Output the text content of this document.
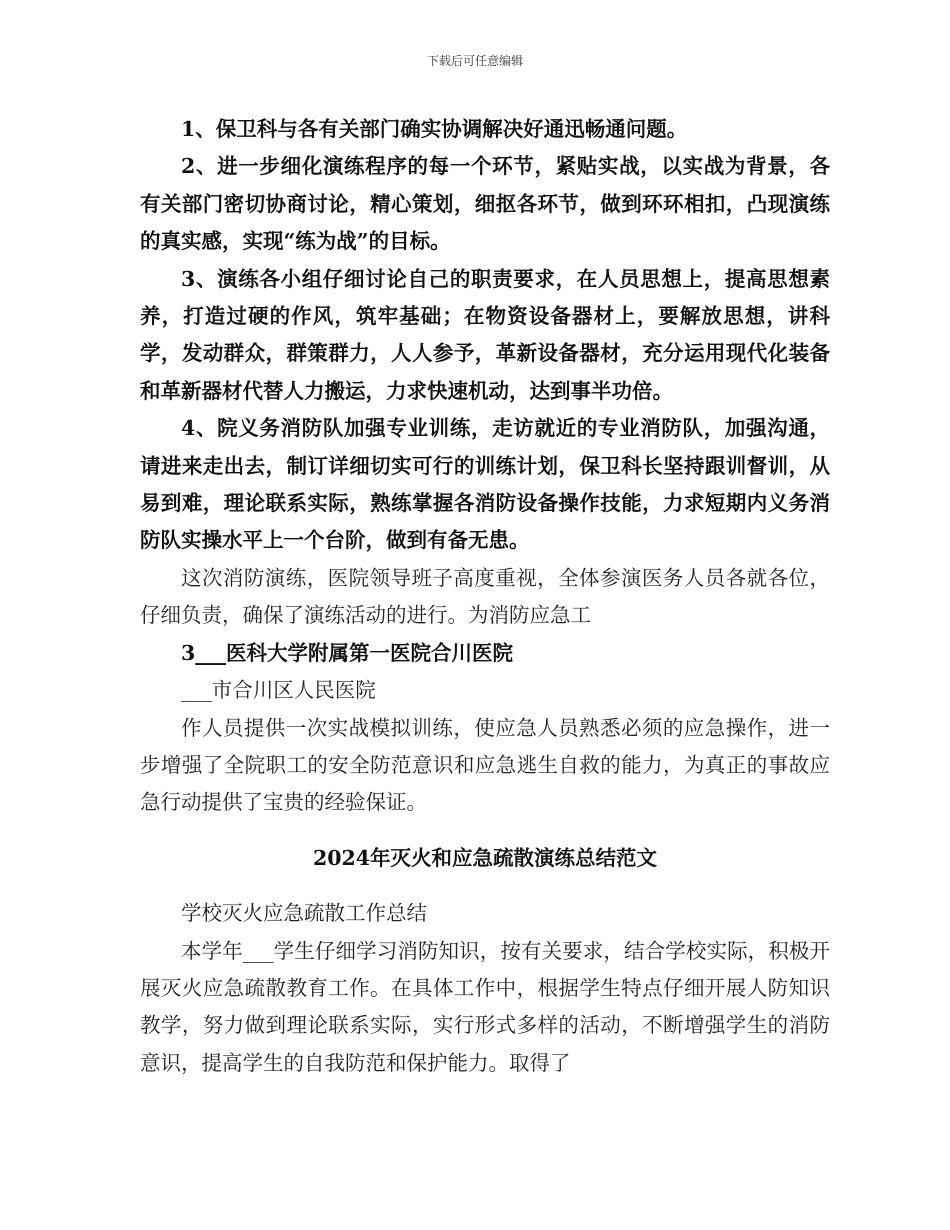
下载后可任意编辑

1、保卫科与各有关部门确实协调解决好通迅畅通问题。

2、进一步细化演练程序的每一个环节，紧贴实战，以实战为背景，各有关部门密切协商讨论，精心策划，细抠各环节，做到环环相扣，凸现演练的真实感，实现“练为战”的目标。

3、演练各小组仔细讨论自己的职责要求，在人员思想上，提高思想素养，打造过硬的作风，筑牢基础；在物资设备器材上，要解放思想，讲科学，发动群众，群策群力，人人参予，革新设备器材，充分运用现代化装备和革新器材代替人力搬运，力求快速机动，达到事半功倍。

4、院义务消防队加强专业训练，走访就近的专业消防队，加强沟通，请进来走出去，制订详细切实可行的训练计划，保卫科长坚持跟训督训，从易到难，理论联系实际，熟练掌握各消防设备操作技能，力求短期内义务消防队实操水平上一个台阶，做到有备无患。

这次消防演练，医院领导班子高度重视，全体参演医务人员各就各位，仔细负责，确保了演练活动的进行。为消防应急工

3___医科大学附属第一医院合川医院

___市合川区人民医院

作人员提供一次实战模拟训练，使应急人员熟悉必须的应急操作，进一步增强了全院职工的安全防范意识和应急逃生自救的能力，为真正的事故应急行动提供了宝贵的经验保证。

2024年灭火和应急疏散演练总结范文

学校灭火应急疏散工作总结

本学年___学生仔细学习消防知识，按有关要求，结合学校实际，积极开展灭火应急疏散教育工作。在具体工作中，根据学生特点仔细开展人防知识教学，努力做到理论联系实际，实行形式多样的活动，不断增强学生的消防意识，提高学生的自我防范和保护能力。取得了
